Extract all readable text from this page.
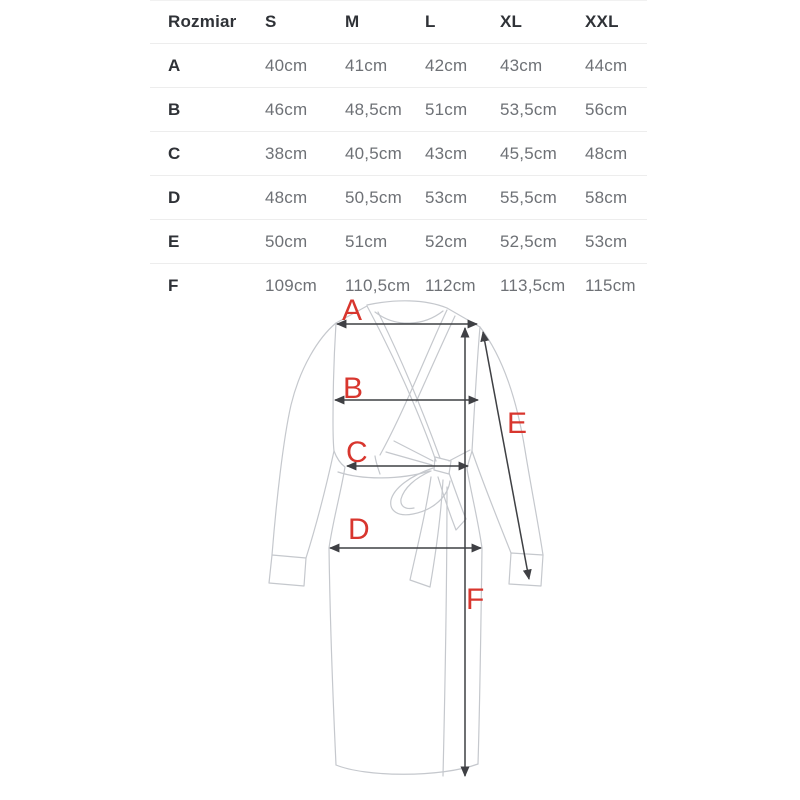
Rozmiar	S	M	L	XL	XXL
A	40cm	41cm	42cm	43cm	44cm
B	46cm	48,5cm	51cm	53,5cm	56cm
C	38cm	40,5cm	43cm	45,5cm	48cm
D	48cm	50,5cm	53cm	55,5cm	58cm
E	50cm	51cm	52cm	52,5cm	53cm
F	109cm	110,5cm 112cm	113,5cm	115cm
A
B
C
D
E
F
